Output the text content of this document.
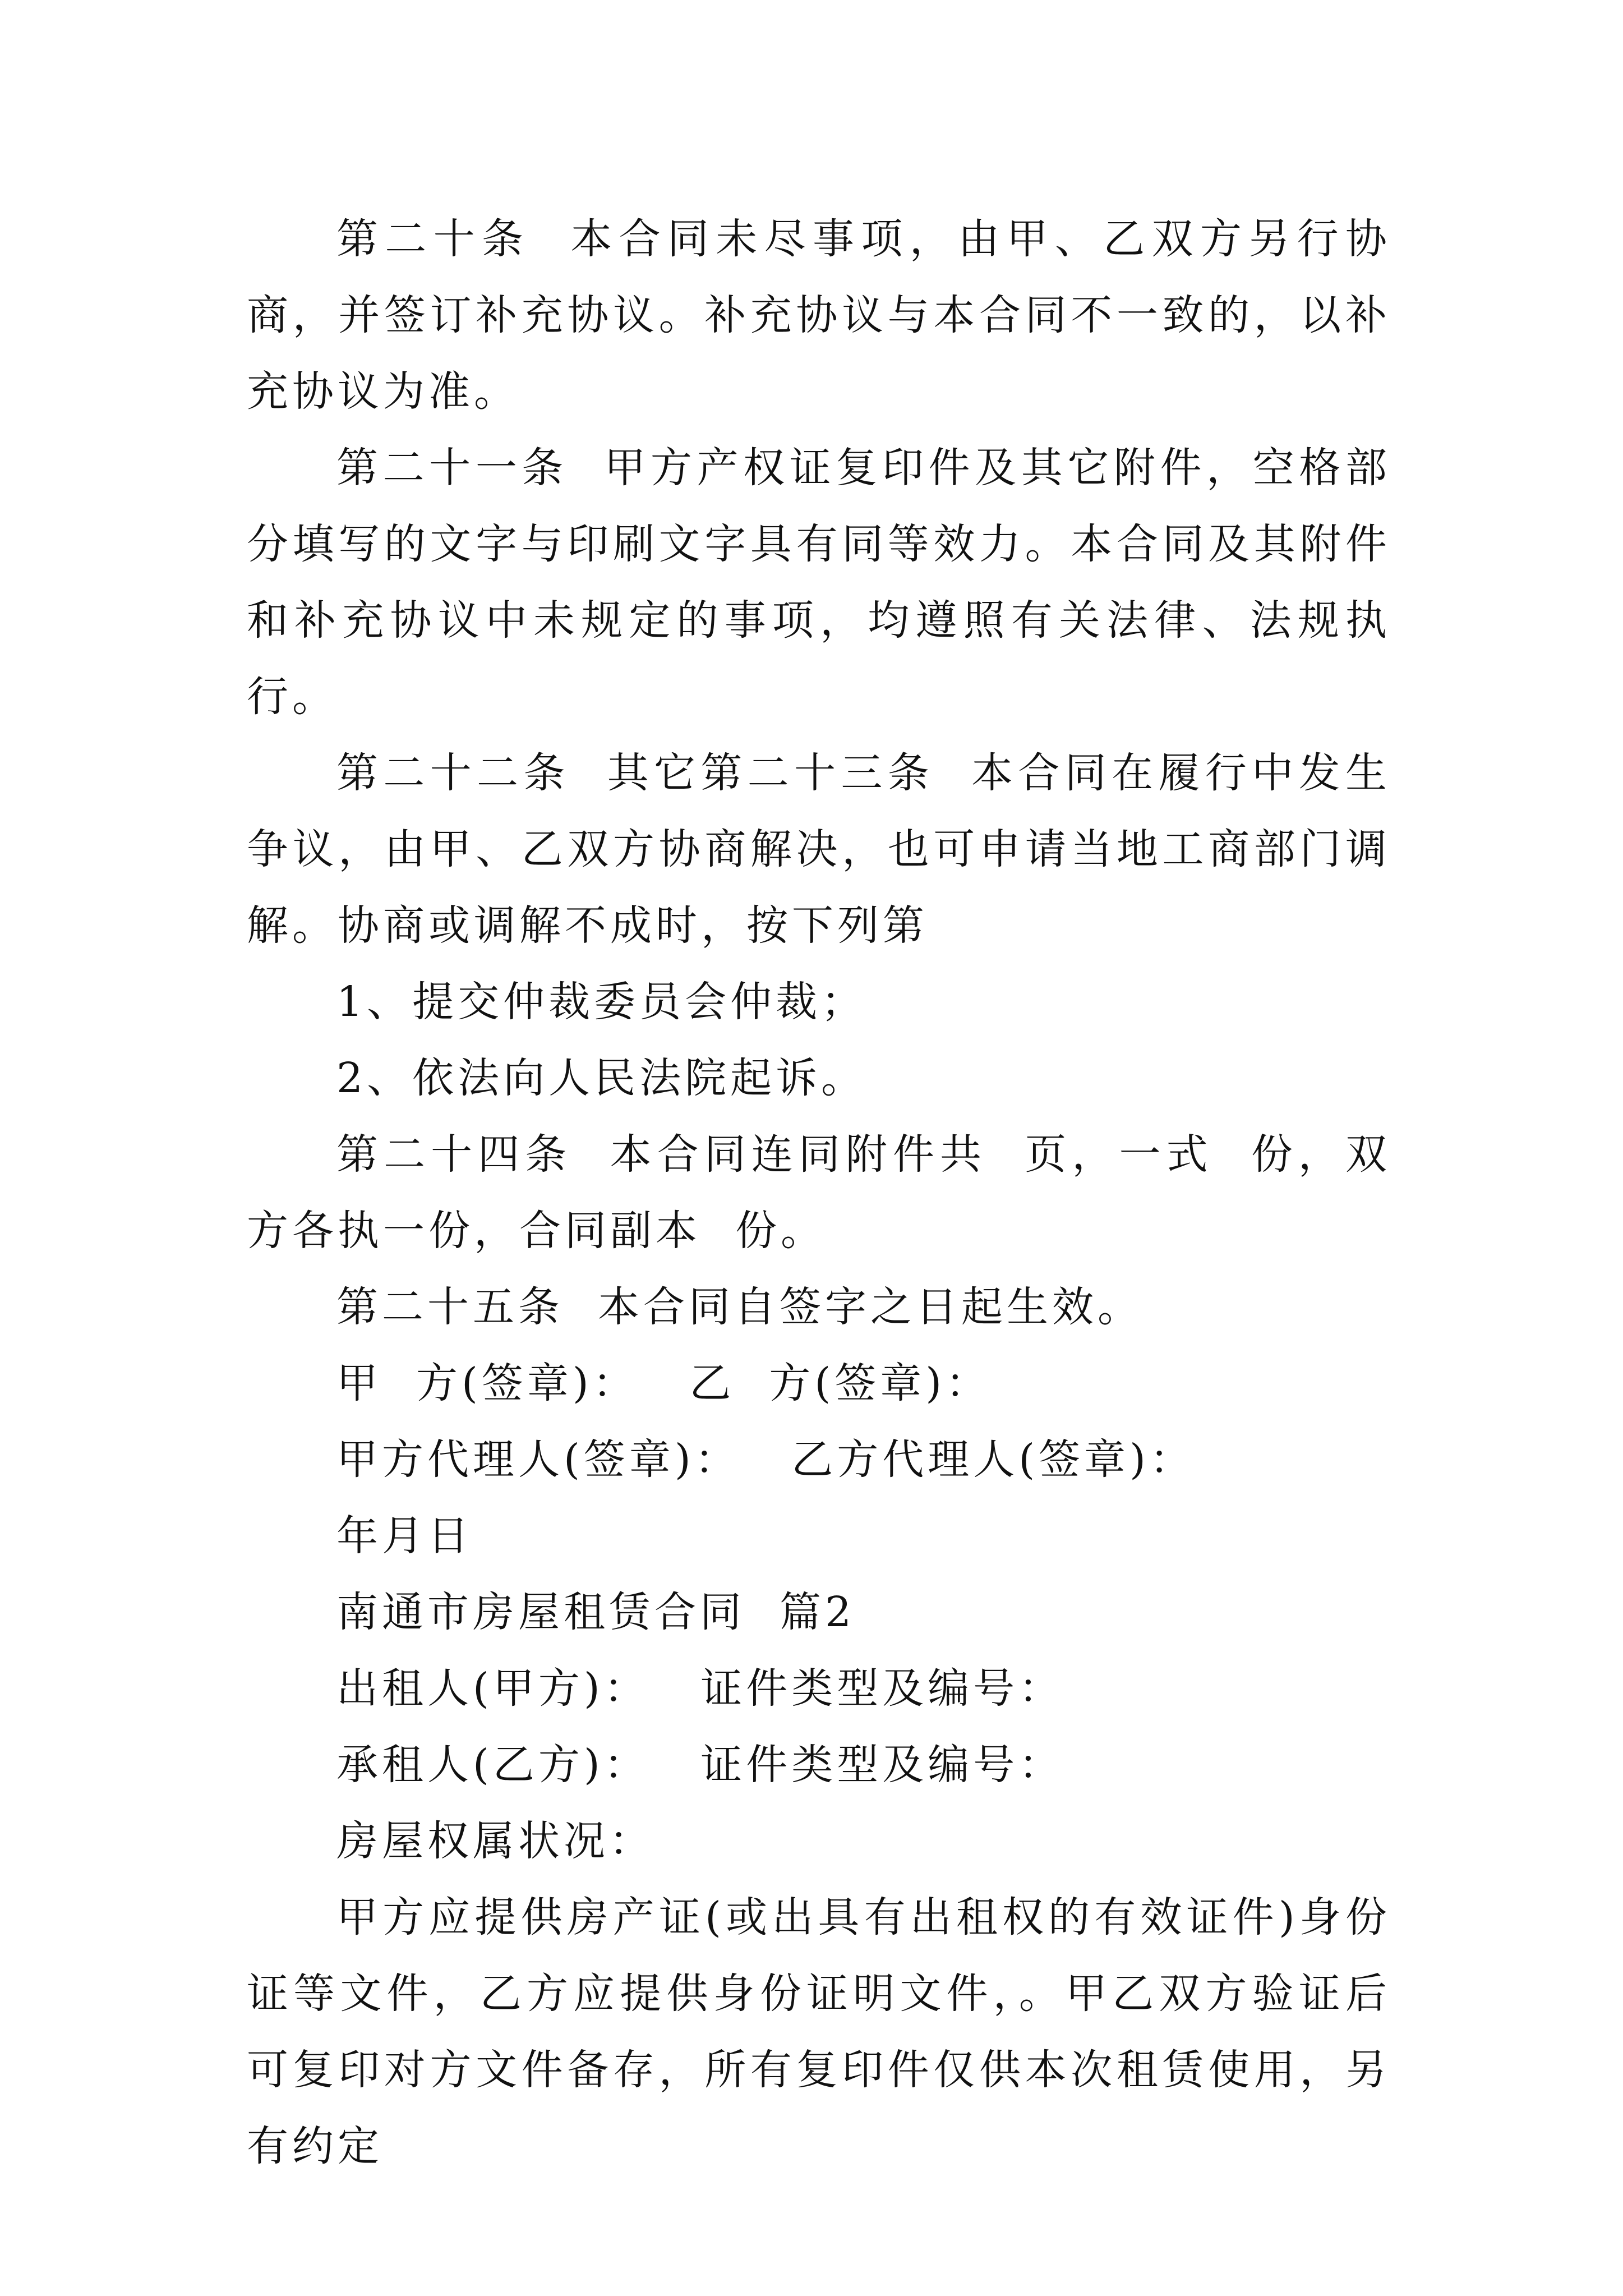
第二十条  本合同未尽事项，由甲、乙双方另行协商，并签订补充协议。补充协议与本合同不一致的，以补充协议为准。

第二十一条  甲方产权证复印件及其它附件，空格部分填写的文字与印刷文字具有同等效力。本合同及其附件和补充协议中未规定的事项，均遵照有关法律、法规执行。

第二十二条  其它第二十三条  本合同在履行中发生争议，由甲、乙双方协商解决，也可申请当地工商部门调解。协商或调解不成时，按下列第

1、提交仲裁委员会仲裁；

2、依法向人民法院起诉。

第二十四条  本合同连同附件共  页，一式  份，双方各执一份，合同副本  份。

第二十五条  本合同自签字之日起生效。

甲  方(签章)：   乙  方(签章)：

甲方代理人(签章)：   乙方代理人(签章)：

年月日

南通市房屋租赁合同  篇2

出租人(甲方)：   证件类型及编号：

承租人(乙方)：   证件类型及编号：

房屋权属状况：

甲方应提供房产证(或出具有出租权的有效证件)身份证等文件，乙方应提供身份证明文件，。甲乙双方验证后可复印对方文件备存，所有复印件仅供本次租赁使用，另有约定
